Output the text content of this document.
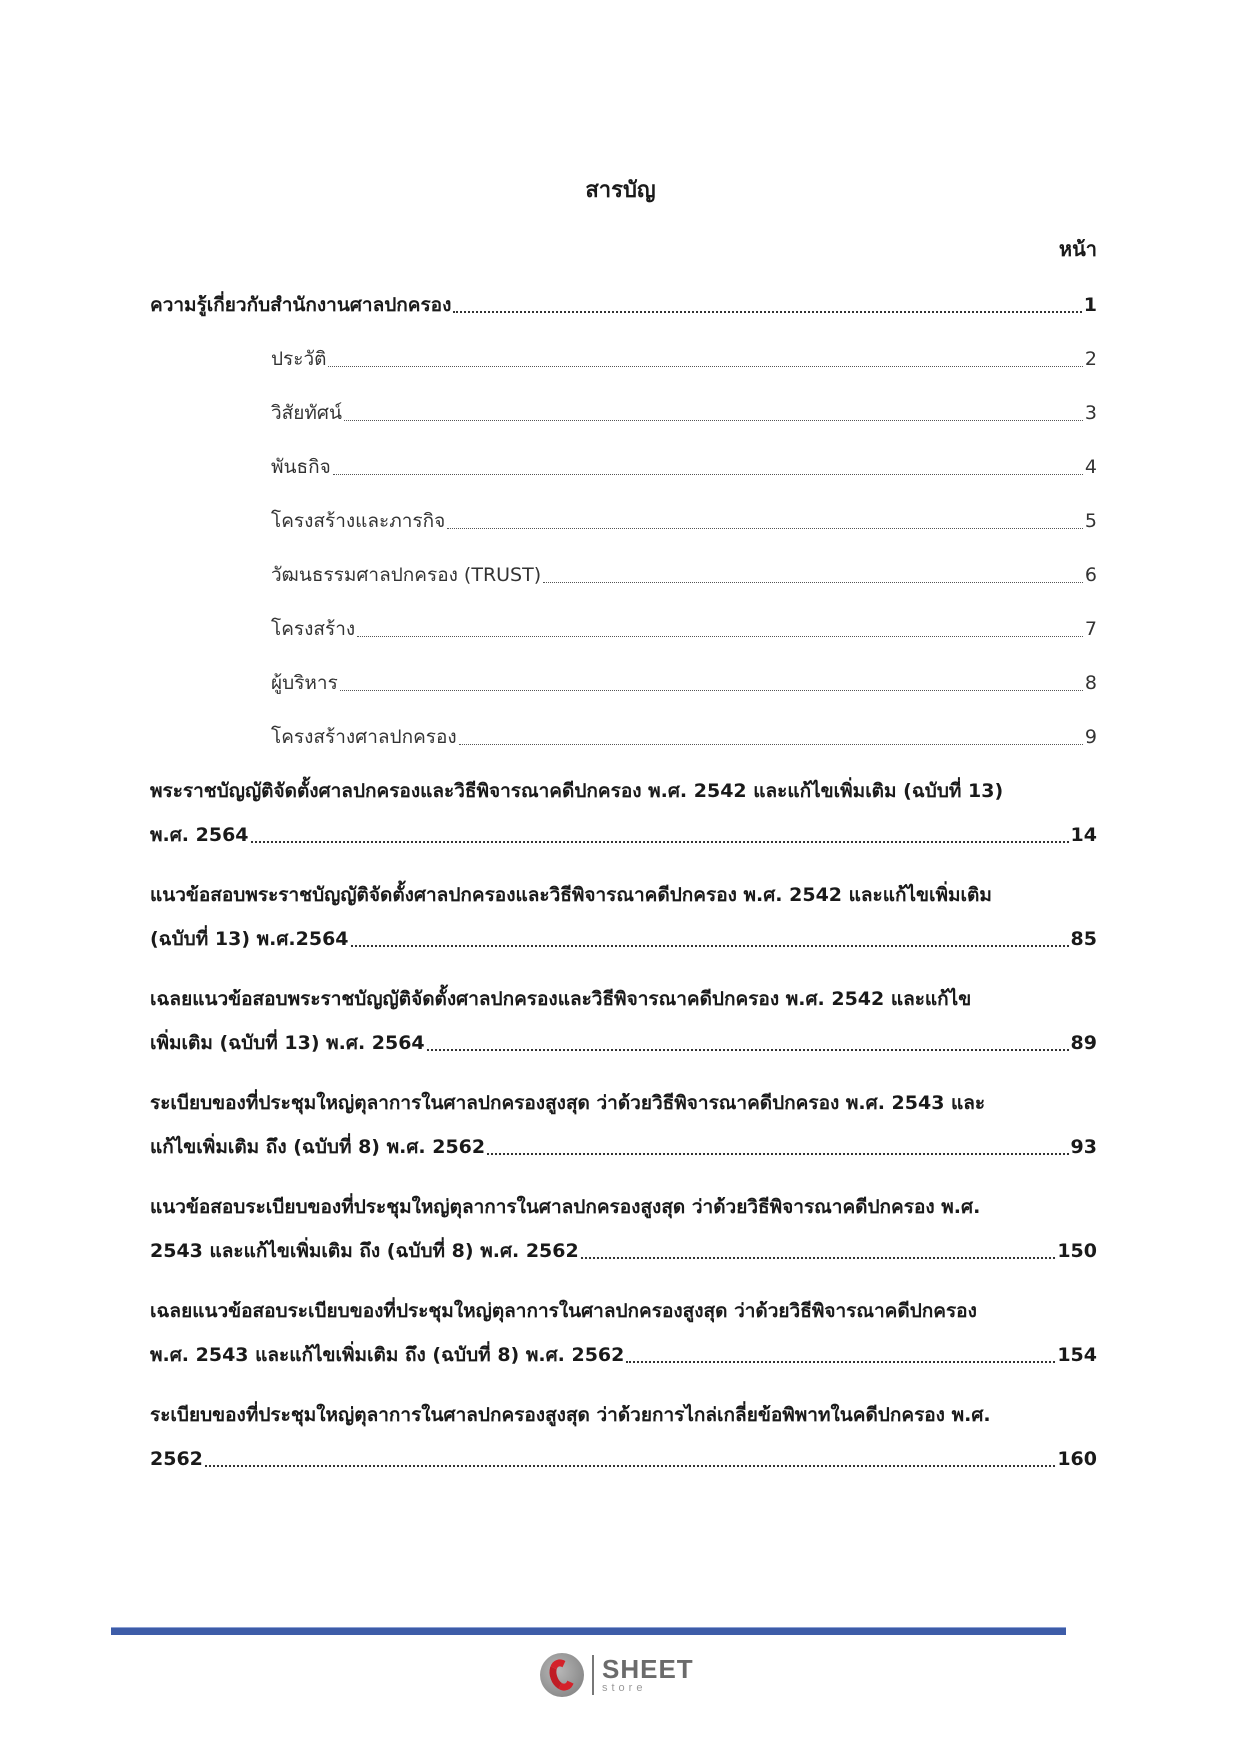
สารบัญ
หน้า
ความรู้เกี่ยวกับสำนักงานศาลปกครอง	1
ประวัติ	2
วิสัยทัศน์	3
พันธกิจ	4
โครงสร้างและภารกิจ	5
วัฒนธรรมศาลปกครอง (TRUST)	6
โครงสร้าง	7
ผู้บริหาร	8
โครงสร้างศาลปกครอง	9
พระราชบัญญัติจัดตั้งศาลปกครองและวิธีพิจารณาคดีปกครอง พ.ศ. 2542 และแก้ไขเพิ่มเติม (ฉบับที่ 13)
พ.ศ. 2564	14
แนวข้อสอบพระราชบัญญัติจัดตั้งศาลปกครองและวิธีพิจารณาคดีปกครอง พ.ศ. 2542 และแก้ไขเพิ่มเติม
(ฉบับที่ 13) พ.ศ.2564	85
เฉลยแนวข้อสอบพระราชบัญญัติจัดตั้งศาลปกครองและวิธีพิจารณาคดีปกครอง พ.ศ. 2542 และแก้ไข
เพิ่มเติม (ฉบับที่ 13) พ.ศ. 2564	89
ระเบียบของที่ประชุมใหญ่ตุลาการในศาลปกครองสูงสุด ว่าด้วยวิธีพิจารณาคดีปกครอง พ.ศ. 2543 และ
แก้ไขเพิ่มเติม ถึง (ฉบับที่ 8) พ.ศ. 2562	93
แนวข้อสอบระเบียบของที่ประชุมใหญ่ตุลาการในศาลปกครองสูงสุด ว่าด้วยวิธีพิจารณาคดีปกครอง พ.ศ.
2543 และแก้ไขเพิ่มเติม ถึง (ฉบับที่ 8) พ.ศ. 2562	150
เฉลยแนวข้อสอบระเบียบของที่ประชุมใหญ่ตุลาการในศาลปกครองสูงสุด ว่าด้วยวิธีพิจารณาคดีปกครอง
พ.ศ. 2543 และแก้ไขเพิ่มเติม ถึง (ฉบับที่ 8) พ.ศ. 2562	154
ระเบียบของที่ประชุมใหญ่ตุลาการในศาลปกครองสูงสุด ว่าด้วยการไกล่เกลี่ยข้อพิพาทในคดีปกครอง พ.ศ.
2562	160
SHEET
store
